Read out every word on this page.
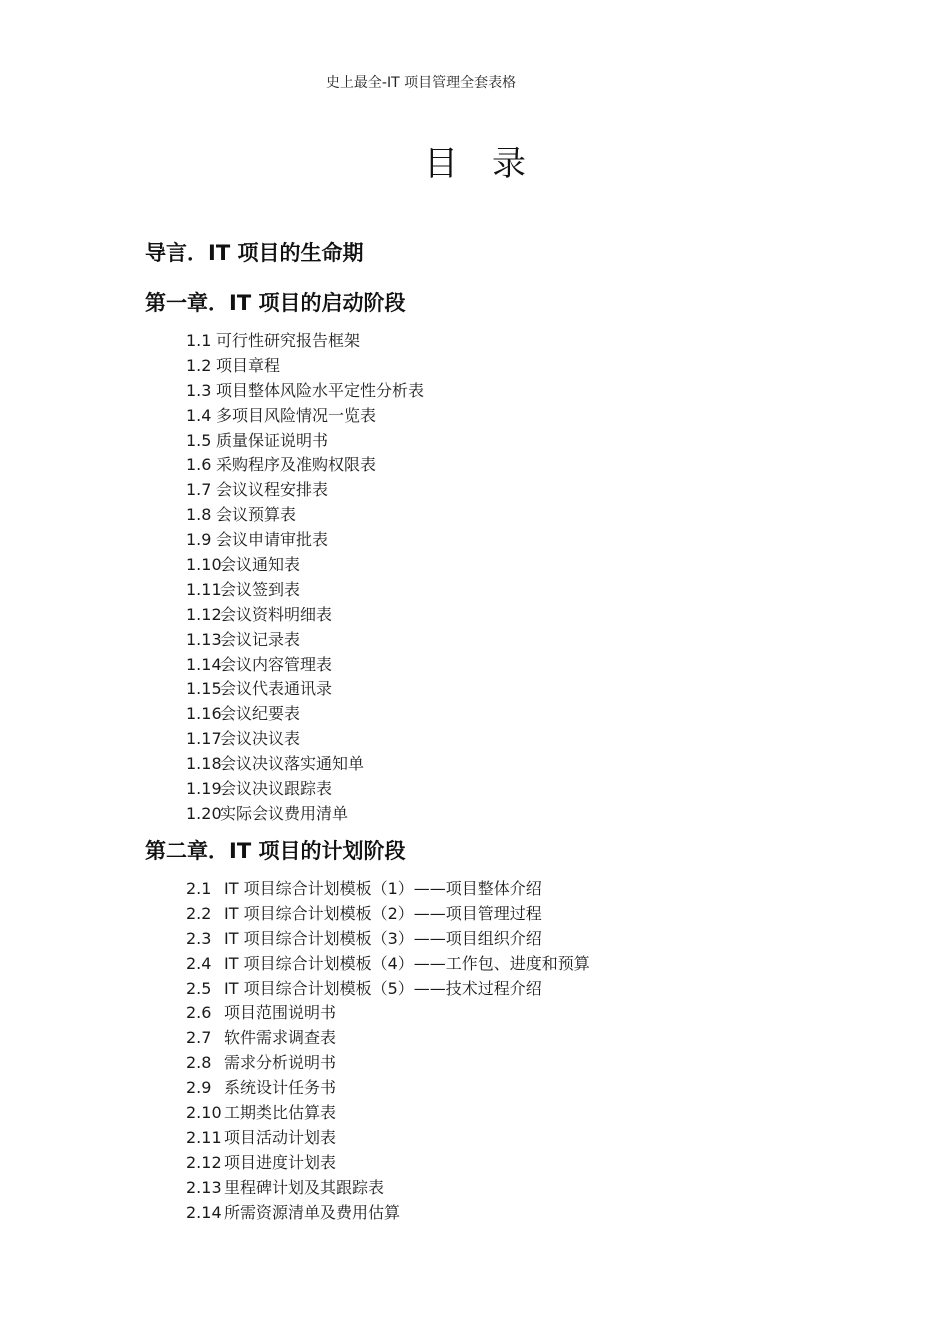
史上最全-IT 项目管理全套表格
目录
导言．IT 项目的生命期
第一章．IT 项目的启动阶段
1.1 可行性研究报告框架
1.2 项目章程
1.3 项目整体风险水平定性分析表
1.4 多项目风险情况一览表
1.5 质量保证说明书
1.6 采购程序及准购权限表
1.7 会议议程安排表
1.8 会议预算表
1.9 会议申请审批表
1.10会议通知表
1.11会议签到表
1.12会议资料明细表
1.13会议记录表
1.14会议内容管理表
1.15会议代表通讯录
1.16会议纪要表
1.17会议决议表
1.18会议决议落实通知单
1.19会议决议跟踪表
1.20实际会议费用清单
第二章．IT 项目的计划阶段
2.1 IT 项目综合计划模板（1）——项目整体介绍
2.2 IT 项目综合计划模板（2）——项目管理过程
2.3 IT 项目综合计划模板（3）——项目组织介绍
2.4 IT 项目综合计划模板（4）——工作包、进度和预算
2.5 IT 项目综合计划模板（5）——技术过程介绍
2.6 项目范围说明书
2.7 软件需求调查表
2.8 需求分析说明书
2.9 系统设计任务书
2.10 工期类比估算表
2.11 项目活动计划表
2.12 项目进度计划表
2.13 里程碑计划及其跟踪表
2.14 所需资源清单及费用估算
